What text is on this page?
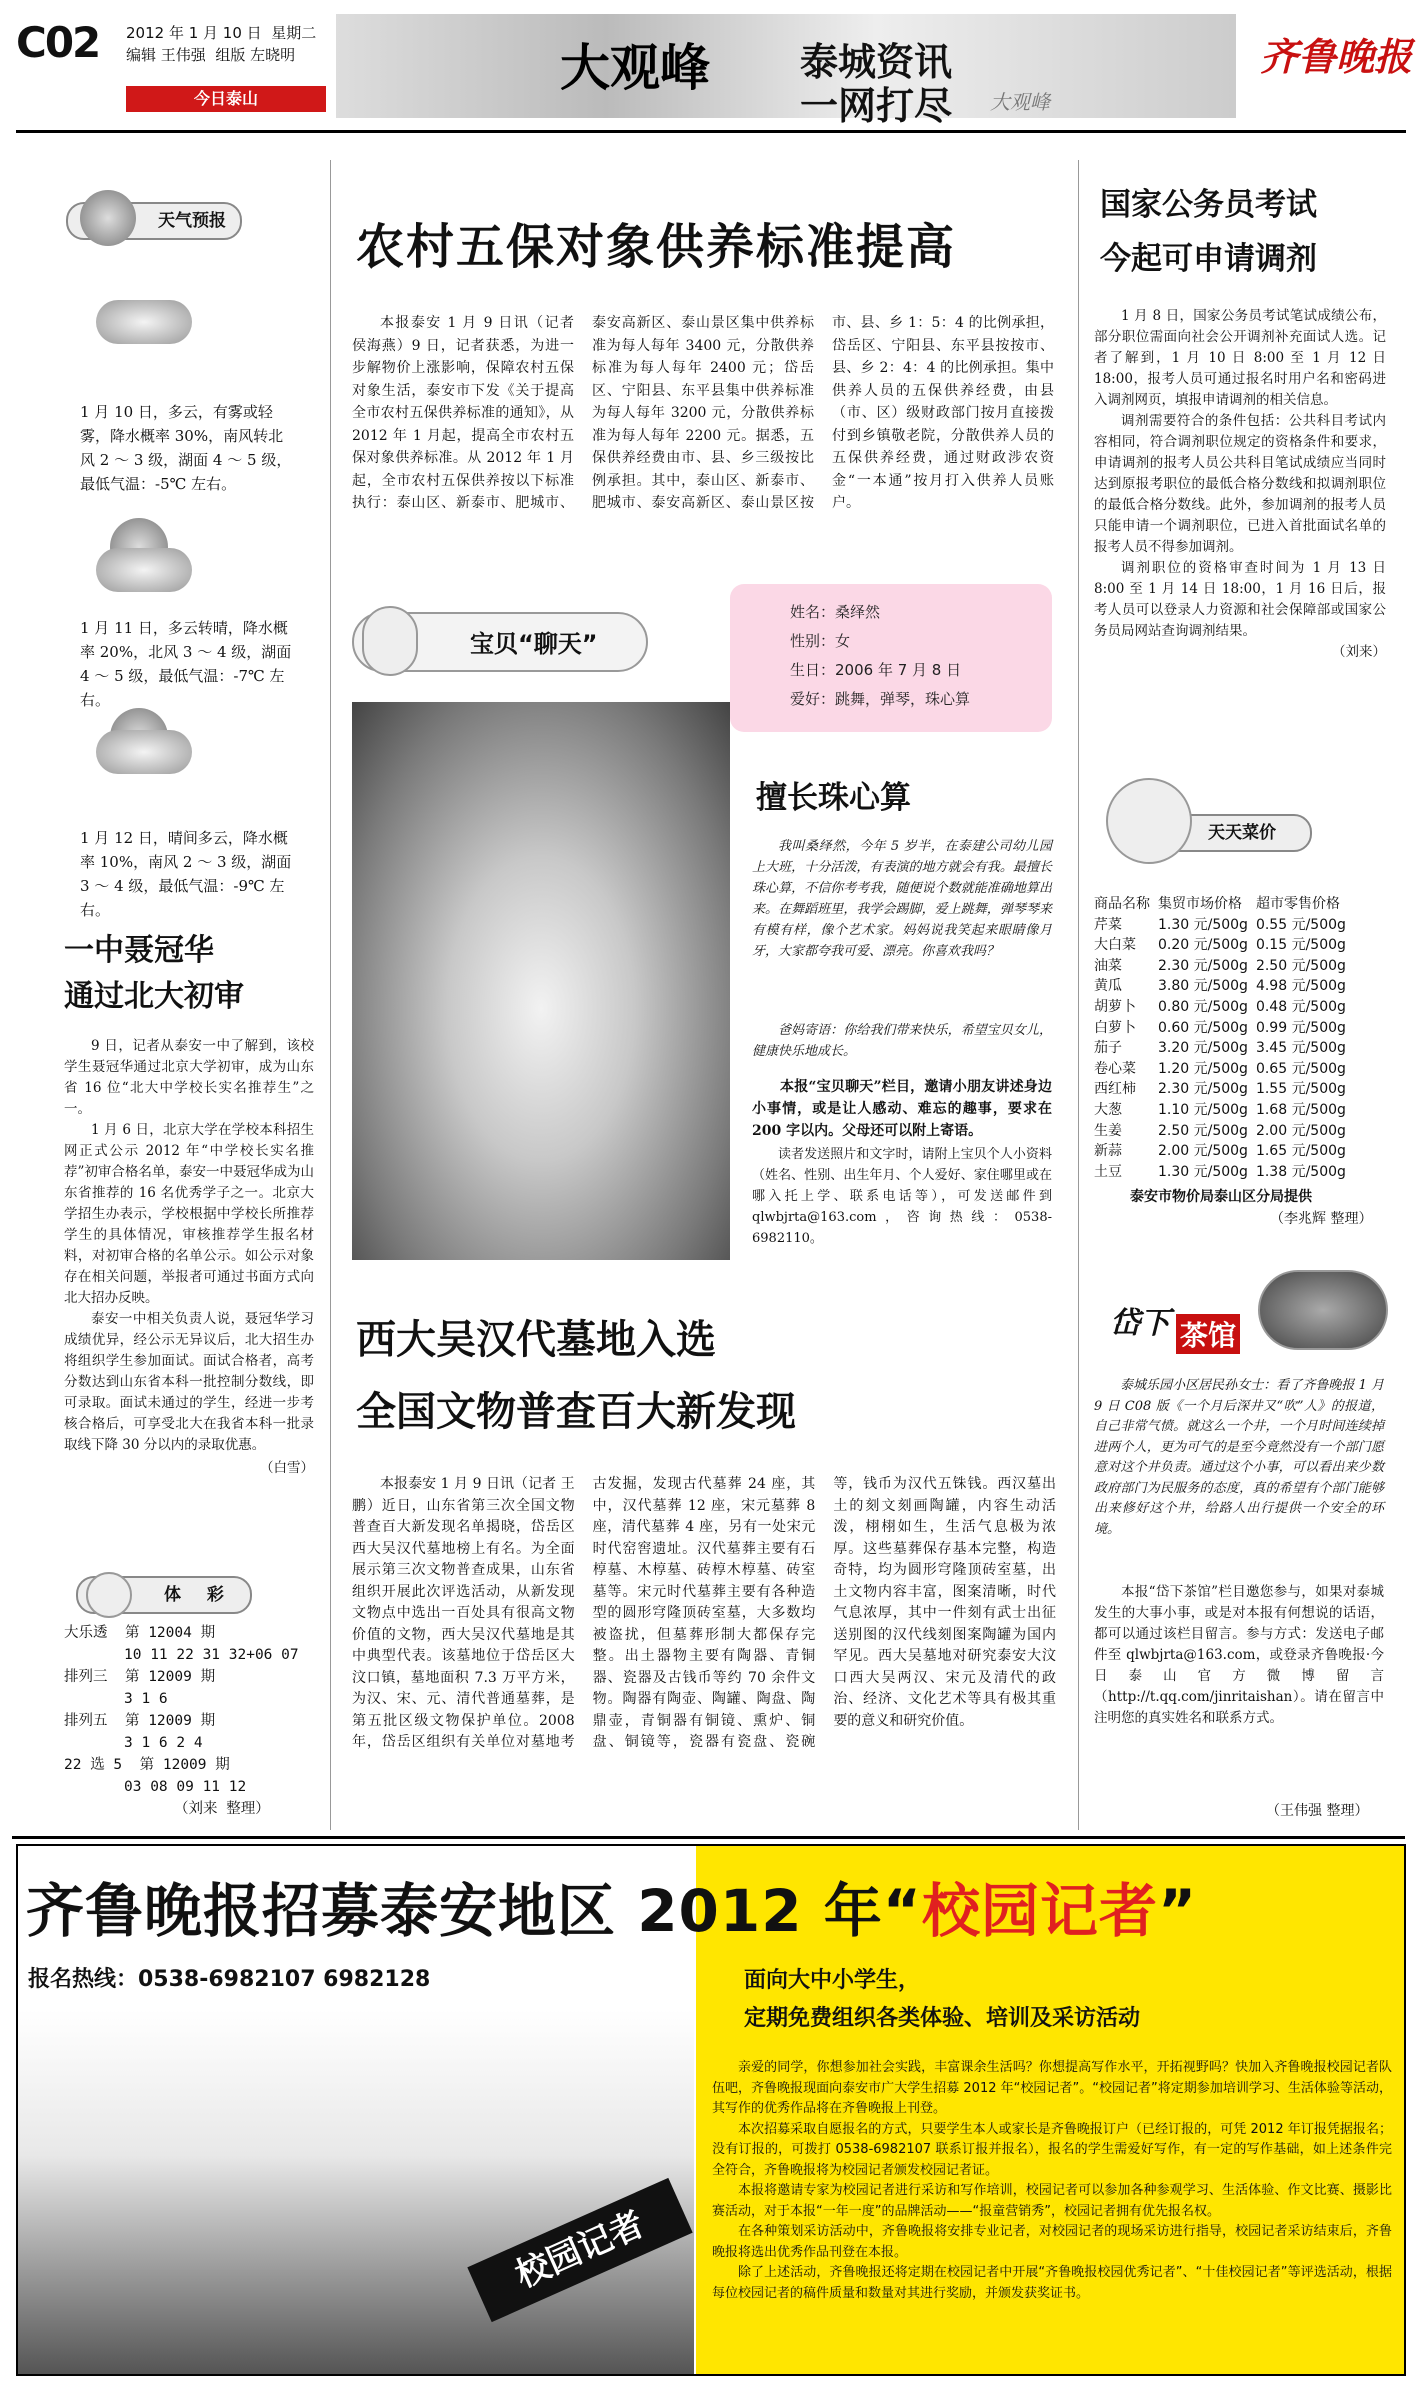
C02 2012 年 1 月 10 日 星期二
编辑 王伟强 组版 左晓明
今日泰山
大观峰 泰城资讯
一网打尽 大观峰
齐鲁晚报
天气预报
1 月 10 日，多云，有雾或轻雾，降水概率 30%，南风转北风 2 ～ 3 级，湖面 4 ～ 5 级，最低气温：-5℃ 左右。
1 月 11 日，多云转晴，降水概率 20%，北风 3 ～ 4 级，湖面 4 ～ 5 级，最低气温：-7℃ 左右。
1 月 12 日，晴间多云，降水概率 10%，南风 2 ～ 3 级，湖面 3 ～ 4 级，最低气温：-9℃ 左右。
一中聂冠华
通过北大初审

9 日，记者从泰安一中了解到，该校学生聂冠华通过北京大学初审，成为山东省 16 位“北大中学校长实名推荐生”之一。

1 月 6 日，北京大学在学校本科招生网正式公示 2012 年“中学校长实名推荐”初审合格名单，泰安一中聂冠华成为山东省推荐的 16 名优秀学子之一。北京大学招生办表示，学校根据中学校长所推荐学生的具体情况，审核推荐学生报名材料，对初审合格的名单公示。如公示对象存在相关问题，举报者可通过书面方式向北大招办反映。

泰安一中相关负责人说，聂冠华学习成绩优异，经公示无异议后，北大招生办将组织学生参加面试。面试合格者，高考分数达到山东省本科一批控制分数线，即可录取。面试未通过的学生，经进一步考核合格后，可享受北大在我省本科一批录取线下降 30 分以内的录取优惠。

（白雪）
体 彩
大乐透 第 12004 期
10 11 22 31 32+06 07
排列三 第 12009 期
3 1 6
排列五 第 12009 期
3 1 6 2 4
22 选 5 第 12009 期
03 08 09 11 12
（刘来 整理）
农村五保对象供养标准提高
本报泰安 1 月 9 日讯（记者 侯海燕）9 日，记者获悉，为进一步解物价上涨影响，保障农村五保对象生活，泰安市下发《关于提高全市农村五保供养标准的通知》，从 2012 年 1 月起，提高全市农村五保对象供养标准。从 2012 年 1 月起，全市农村五保供养按以下标准执行：泰山区、新泰市、肥城市、泰安高新区、泰山景区集中供养标准为每人每年 3400 元，分散供养标准为每人每年 2400 元；岱岳区、宁阳县、东平县集中供养标准为每人每年 3200 元，分散供养标准为每人每年 2200 元。据悉，五保供养经费由市、县、乡三级按比例承担。其中，泰山区、新泰市、肥城市、泰安高新区、泰山景区按市、县、乡 1：5：4 的比例承担，岱岳区、宁阳县、东平县按按市、县、乡 2：4：4 的比例承担。集中供养人员的五保供养经费，由县（市、区）级财政部门按月直接拨付到乡镇敬老院，分散供养人员的五保供养经费，通过财政涉农资金“一本通”按月打入供养人员账户。
宝贝“聊天”
姓名：桑绎然
性别：女
生日：2006 年 7 月 8 日
爱好：跳舞，弹琴，珠心算
擅长珠心算
我叫桑绎然，今年 5 岁半，在泰建公司幼儿园上大班，十分活泼，有表演的地方就会有我。最擅长珠心算，不信你考考我，随便说个数就能准确地算出来。在舞蹈班里，我学会踢脚，爱上跳舞，弹琴琴来有模有样，像个艺术家。妈妈说我笑起来眼睛像月牙，大家都夸我可爱、漂亮。你喜欢我吗？
爸妈寄语：你给我们带来快乐，希望宝贝女儿，健康快乐地成长。
本报“宝贝聊天”栏目，邀请小朋友讲述身边小事情，或是让人感动、难忘的趣事，要求在 200 字以内。父母还可以附上寄语。
读者发送照片和文字时，请附上宝贝个人小资料（姓名、性别、出生年月、个人爱好、家住哪里或在哪入托上学、联系电话等），可发送邮件到 qlwbjrta@163.com，咨询热线：0538-6982110。
西大吴汉代墓地入选
全国文物普查百大新发现
本报泰安 1 月 9 日讯（记者 王鹏）近日，山东省第三次全国文物普查百大新发现名单揭晓，岱岳区西大吴汉代墓地榜上有名。为全面展示第三次文物普查成果，山东省组织开展此次评选活动，从新发现文物点中选出一百处具有很高文物价值的文物，西大吴汉代墓地是其中典型代表。该墓地位于岱岳区大汶口镇，墓地面积 7.3 万平方米，为汉、宋、元、清代普通墓葬，是第五批区级文物保护单位。2008 年，岱岳区组织有关单位对墓地考古发掘，发现古代墓葬 24 座，其中，汉代墓葬 12 座，宋元墓葬 8 座，清代墓葬 4 座，另有一处宋元时代窑窖遗址。汉代墓葬主要有石椁墓、木椁墓、砖椁木椁墓、砖室墓等。宋元时代墓葬主要有各种造型的圆形穹隆顶砖室墓，大多数均被盗扰，但墓葬形制大都保存完整。出土器物主要有陶器、青铜器、瓷器及古钱币等约 70 余件文物。陶器有陶壶、陶罐、陶盘、陶鼎壶，青铜器有铜镜、熏炉、铜盘、铜镜等，瓷器有瓷盘、瓷碗等，钱币为汉代五铢钱。西汉墓出土的刻文刻画陶罐，内容生动活泼，栩栩如生，生活气息极为浓厚。这些墓葬保存基本完整，构造奇特，均为圆形穹隆顶砖室墓，出土文物内容丰富，图案清晰，时代气息浓厚，其中一件刻有武士出征送别图的汉代线刻图案陶罐为国内罕见。西大吴墓地对研究泰安大汶口西大吴两汉、宋元及清代的政治、经济、文化艺术等具有极其重要的意义和研究价值。
国家公务员考试
今起可申请调剂

1 月 8 日，国家公务员考试笔试成绩公布，部分职位需面向社会公开调剂补充面试人选。记者了解到，1 月 10 日 8:00 至 1 月 12 日 18:00，报考人员可通过报名时用户名和密码进入调剂网页，填报申请调剂的相关信息。

调剂需要符合的条件包括：公共科目考试内容相同，符合调剂职位规定的资格条件和要求，申请调剂的报考人员公共科目笔试成绩应当同时达到原报考职位的最低合格分数线和拟调剂职位的最低合格分数线。此外，参加调剂的报考人员只能申请一个调剂职位，已进入首批面试名单的报考人员不得参加调剂。

调剂职位的资格审查时间为 1 月 13 日 8:00 至 1 月 14 日 18:00，1 月 16 日后，报考人员可以登录人力资源和社会保障部或国家公务员局网站查询调剂结果。

（刘来）
天天菜价
商品名称	集贸市场价格	超市零售价格
芹菜	1.30 元/500g	0.55 元/500g
大白菜	0.20 元/500g	0.15 元/500g
油菜	2.30 元/500g	2.50 元/500g
黄瓜	3.80 元/500g	4.98 元/500g
胡萝卜	0.80 元/500g	0.48 元/500g
白萝卜	0.60 元/500g	0.99 元/500g
茄子	3.20 元/500g	3.45 元/500g
卷心菜	1.20 元/500g	0.65 元/500g
西红柿	2.30 元/500g	1.55 元/500g
大葱	1.10 元/500g	1.68 元/500g
生姜	2.50 元/500g	2.00 元/500g
新蒜	2.00 元/500g	1.65 元/500g
土豆	1.30 元/500g	1.38 元/500g
泰安市物价局泰山区分局提供
（李兆辉 整理）
岱下 茶馆
泰城乐园小区居民孙女士：看了齐鲁晚报 1 月 9 日 C08 版《一个月后深井又“吹”人》的报道，自己非常气愤。就这么一个井，一个月时间连续掉进两个人，更为可气的是至今竟然没有一个部门愿意对这个井负责。通过这个小事，可以看出来少数政府部门为民服务的态度，真的希望有个部门能够出来修好这个井，给路人出行提供一个安全的环境。
本报“岱下茶馆”栏目邀您参与，如果对泰城发生的大事小事，或是对本报有何想说的话语，都可以通过该栏目留言。参与方式：发送电子邮件至 qlwbjrta@163.com，或登录齐鲁晚报·今日泰山官方微博留言（http://t.qq.com/jinritaishan）。请在留言中注明您的真实姓名和联系方式。
（王伟强 整理）
齐鲁晚报招募泰安地区 2012 年“校园记者”
报名热线：0538-6982107 6982128
校园记者
面向大中小学生，
定期免费组织各类体验、培训及采访活动

亲爱的同学，你想参加社会实践，丰富课余生活吗？你想提高写作水平，开拓视野吗？快加入齐鲁晚报校园记者队伍吧，齐鲁晚报现面向泰安市广大学生招募 2012 年“校园记者”。“校园记者”将定期参加培训学习、生活体验等活动，其写作的优秀作品将在齐鲁晚报上刊登。

本次招募采取自愿报名的方式，只要学生本人或家长是齐鲁晚报订户（已经订报的，可凭 2012 年订报凭据报名；没有订报的，可拨打 0538-6982107 联系订报并报名），报名的学生需爱好写作，有一定的写作基础，如上述条件完全符合，齐鲁晚报将为校园记者颁发校园记者证。

本报将邀请专家为校园记者进行采访和写作培训，校园记者可以参加各种参观学习、生活体验、作文比赛、摄影比赛活动，对于本报“一年一度”的品牌活动——“报童营销秀”，校园记者拥有优先报名权。

在各种策划采访活动中，齐鲁晚报将安排专业记者，对校园记者的现场采访进行指导，校园记者采访结束后，齐鲁晚报将选出优秀作品刊登在本报。

除了上述活动，齐鲁晚报还将定期在校园记者中开展“齐鲁晚报校园优秀记者”、“十佳校园记者”等评选活动，根据每位校园记者的稿件质量和数量对其进行奖励，并颁发获奖证书。
